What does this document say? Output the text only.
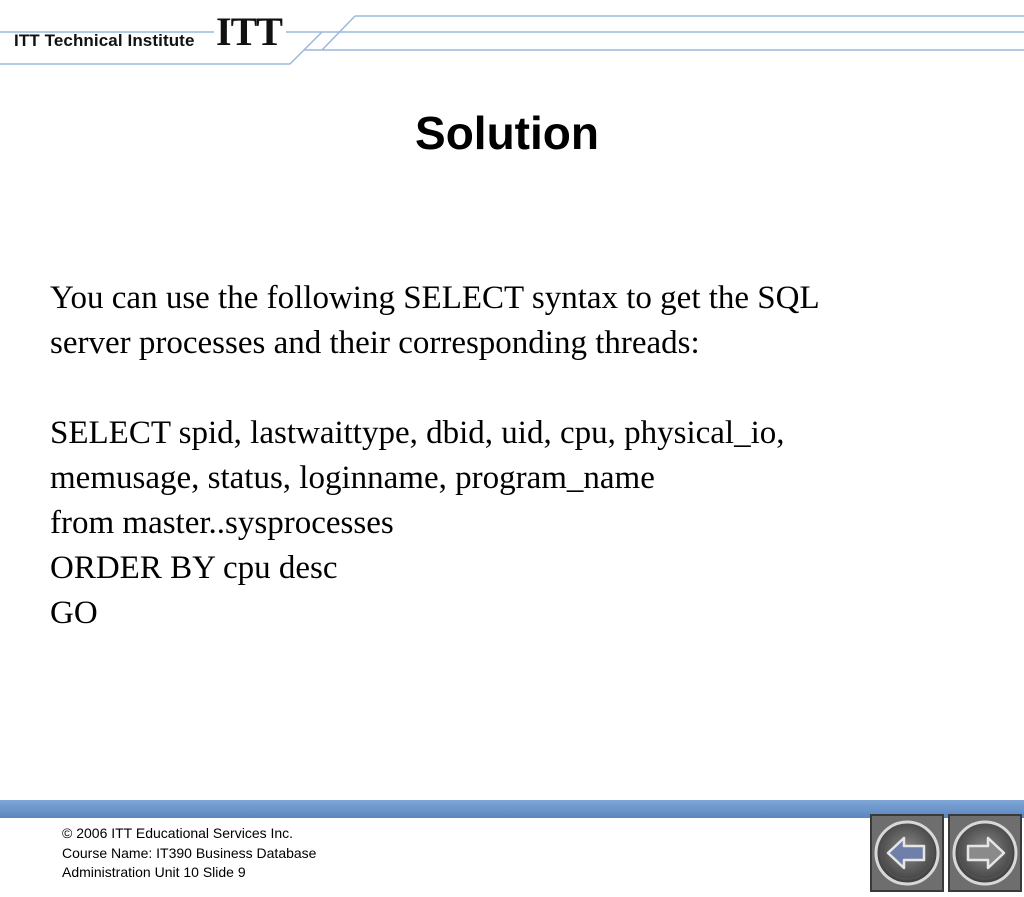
ITT Technical Institute ITT
Solution
You can use the following SELECT syntax to get the SQL
server processes and their corresponding threads:
SELECT spid, lastwaittype, dbid, uid, cpu, physical_io,
memusage, status, loginname, program_name
from master..sysprocesses
ORDER BY cpu desc
GO
© 2006 ITT Educational Services Inc.
Course Name: IT390 Business Database
Administration Unit 10 Slide 9
